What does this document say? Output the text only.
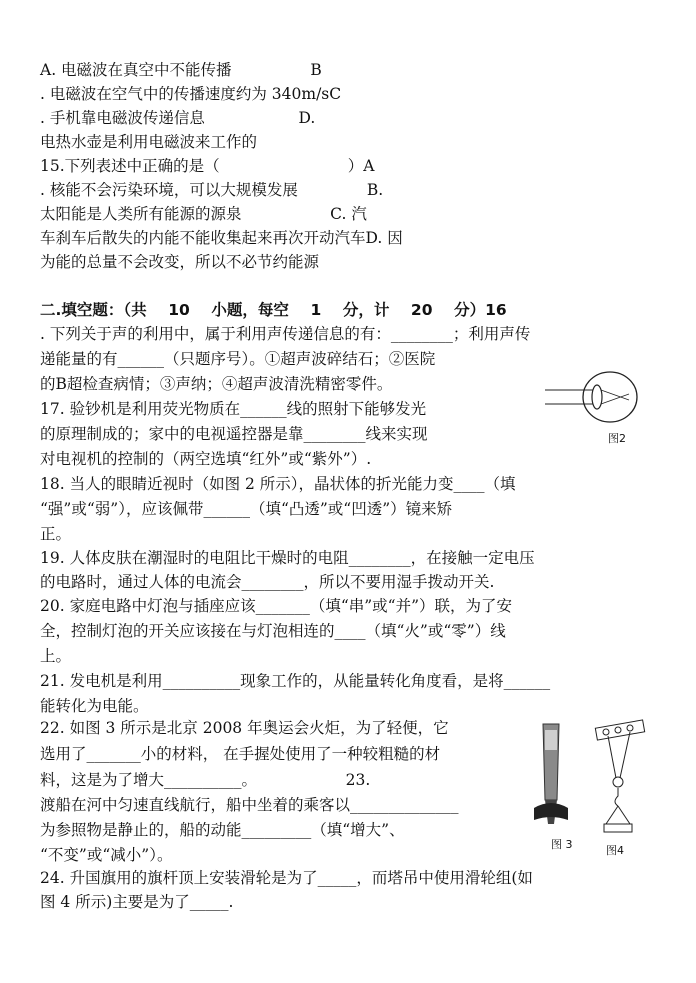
A. 电磁波在真空中不能传播                B
. 电磁波在空气中的传播速度约为 340m/sC
. 手机靠电磁波传递信息                   D.
电热水壶是利用电磁波来工作的
15.下列表述中正确的是（                          ）A
. 核能不会污染环境，可以大规模发展              B.
太阳能是人类所有能源的源泉                  C. 汽
车刹车后散失的内能不能收集起来再次开动汽车D. 因
为能的总量不会改变，所以不必节约能源
二.填空题：（共    10    小题，每空    1    分，计    20    分）16
. 下列关于声的利用中，属于利用声传递信息的有：________；利用声传
递能量的有______（只题序号）。①超声波碎结石；②医院
的B超检查病情；③声纳；④超声波清洗精密零件。
17. 验钞机是利用荧光物质在______线的照射下能够发光
的原理制成的；家中的电视遥控器是靠________线来实现
对电视机的控制的（两空选填“红外”或“紫外”）.
18. 当人的眼睛近视时（如图 2 所示），晶状体的折光能力变____（填
“强”或“弱”），应该佩带______（填“凸透”或“凹透”）镜来矫
正。
19. 人体皮肤在潮湿时的电阻比干燥时的电阻________，在接触一定电压
的电路时，通过人体的电流会________，所以不要用湿手拨动开关.
20. 家庭电路中灯泡与插座应该_______（填“串”或“并”）联，为了安
全，控制灯泡的开关应该接在与灯泡相连的____（填“火”或“零”）线
上。
21. 发电机是利用__________现象工作的，从能量转化角度看，是将______
能转化为电能。
22. 如图 3 所示是北京 2008 年奥运会火炬，为了轻便，它
选用了_______小的材料， 在手握处使用了一种较粗糙的材
料，这是为了增大__________。                  23.
渡船在河中匀速直线航行，船中坐着的乘客以______________
为参照物是静止的，船的动能_________（填“增大”、
“不变”或“减小”）。
24. 升国旗用的旗杆顶上安装滑轮是为了_____，而塔吊中使用滑轮组(如
图 4 所示)主要是为了_____.
图2
图 3	图4
